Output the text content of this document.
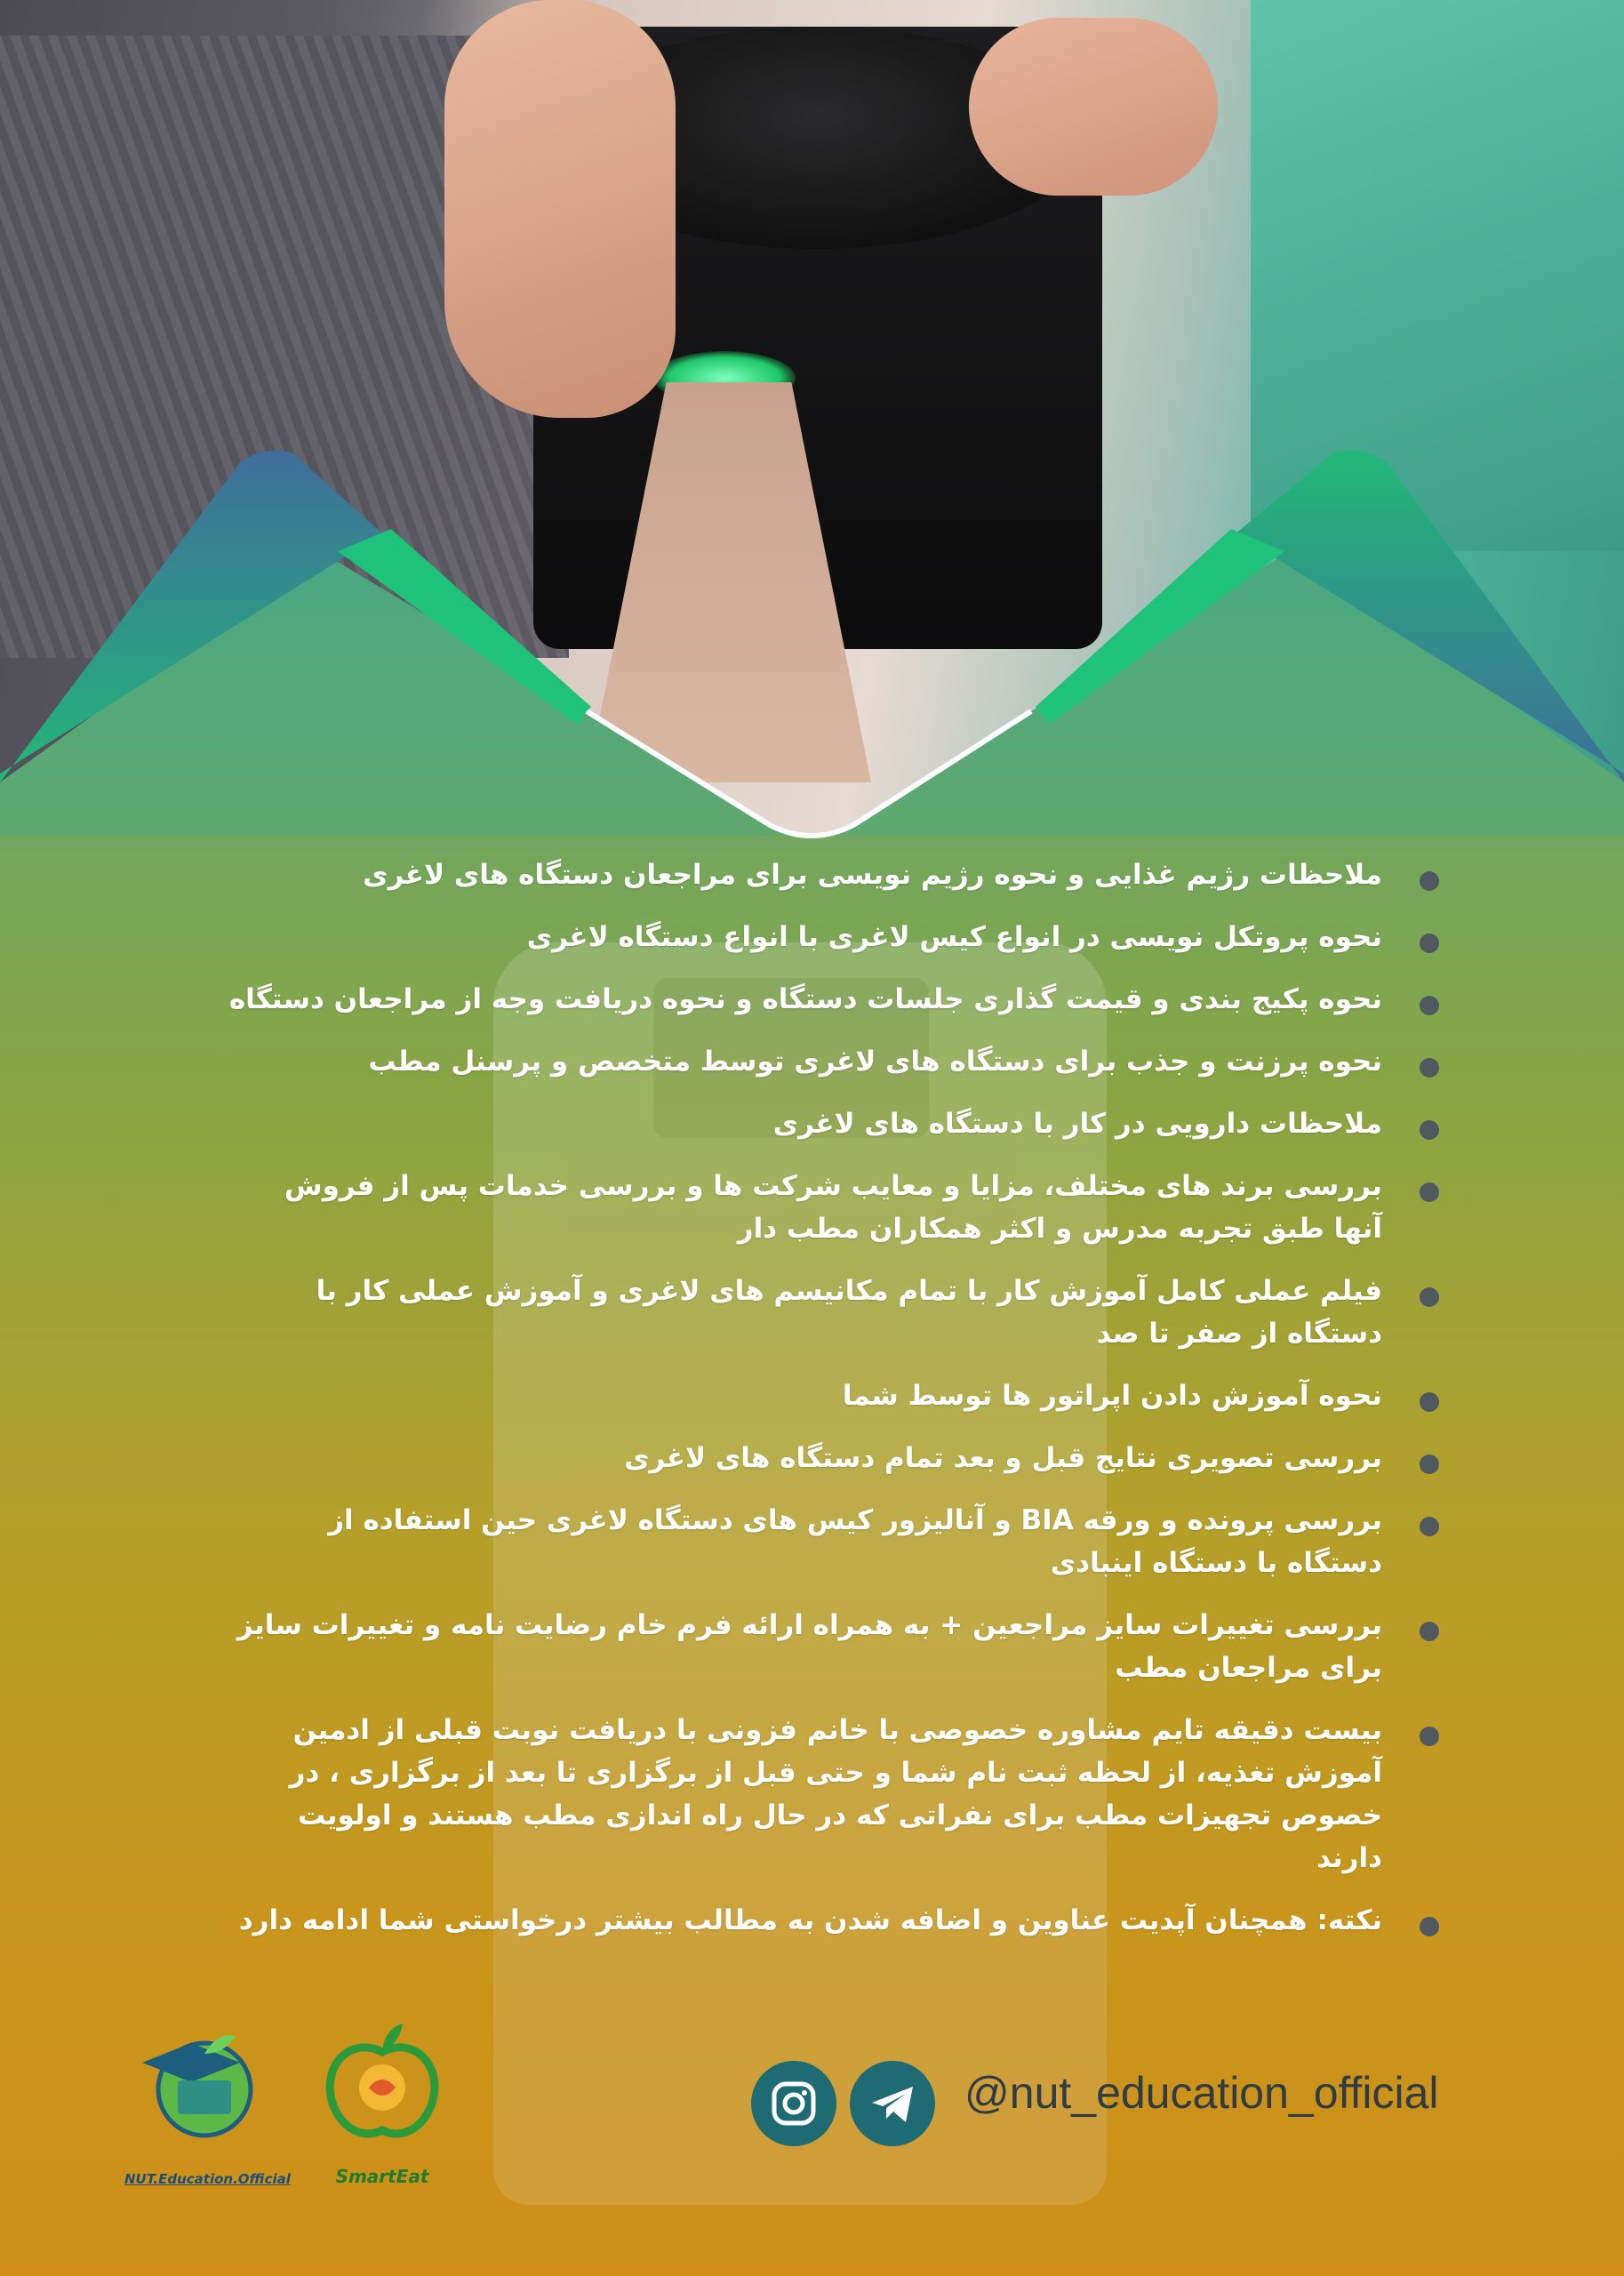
ملاحظات رژیم غذایی و نحوه رژیم نویسی برای مراجعان دستگاه های لاغری
نحوه پروتکل نویسی در انواع کیس لاغری با انواع دستگاه لاغری
نحوه پکیج بندی و قیمت گذاری جلسات دستگاه و نحوه دریافت وجه از مراجعان دستگاه
نحوه پرزنت و جذب برای دستگاه های لاغری توسط متخصص و پرسنل مطب
ملاحظات دارویی در کار با دستگاه های لاغری
بررسی برند های مختلف، مزایا و معایب شرکت ها و بررسی خدمات پس از فروش آنها طبق تجربه مدرس و اکثر همکاران مطب دار
فیلم عملی کامل آموزش کار با تمام مکانیسم های لاغری و آموزش عملی کار با دستگاه از صفر تا صد
نحوه آموزش دادن اپراتور ها توسط شما
بررسی تصویری نتایج قبل و بعد تمام دستگاه های لاغری
بررسی پرونده و ورقه BIA و آنالیزور کیس های دستگاه لاغری حین استفاده از دستگاه با دستگاه اینبادی
بررسی تغییرات سایز مراجعین + به همراه ارائه فرم خام رضایت نامه و تغییرات سایز برای مراجعان مطب
بیست دقیقه تایم مشاوره خصوصی با خانم فزونی با دریافت نوبت قبلی از ادمین آموزش تغذیه، از لحظه ثبت نام شما و حتی قبل از برگزاری تا بعد از برگزاری ، در خصوص تجهیزات مطب برای نفراتی که در حال راه اندازی مطب هستند و اولویت دارند
نکته: همچنان آپدیت عناوین و اضافه شدن به مطالب بیشتر درخواستی شما ادامه دارد
NUT.Education.Official	SmartEat
@nut_education_official
